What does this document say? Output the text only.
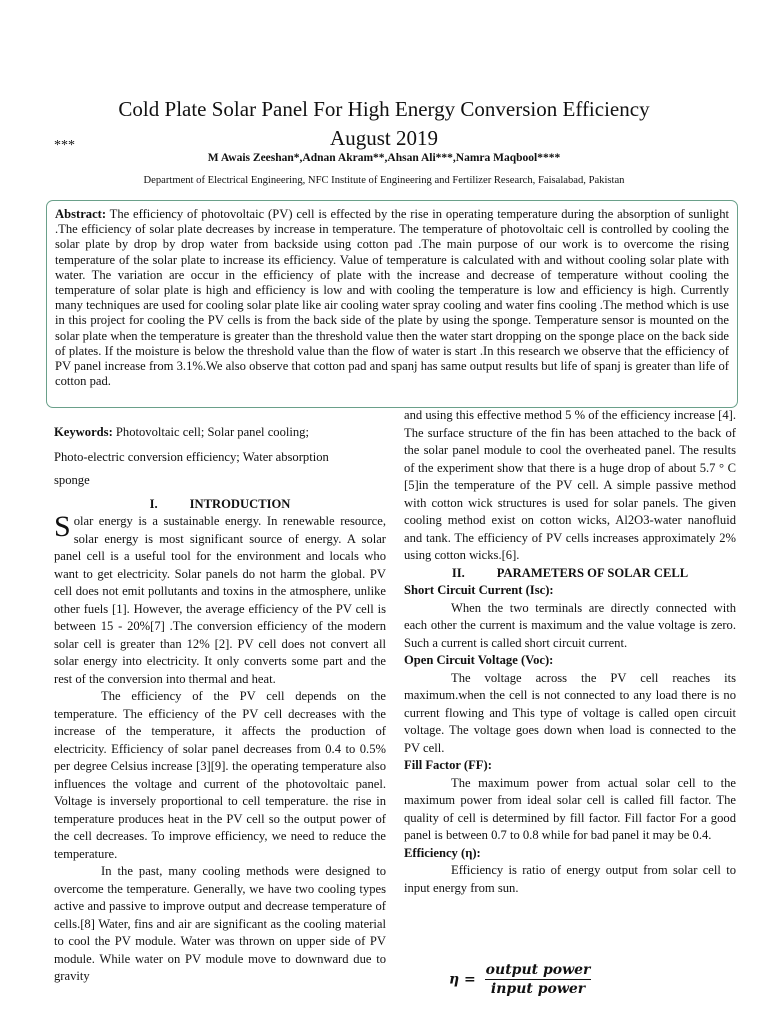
Cold Plate Solar Panel For High Energy Conversion Efficiency
August 2019
***
M Awais Zeeshan*,Adnan Akram**,Ahsan Ali***,Namra Maqbool****
Department of Electrical Engineering, NFC Institute of Engineering and Fertilizer Research, Faisalabad, Pakistan
Abstract: The efficiency of photovoltaic (PV) cell is effected by the rise in operating temperature during the absorption of sunlight .The efficiency of solar plate decreases by increase in temperature. The temperature of photovoltaic cell is controlled by cooling the solar plate by drop by drop water from backside using cotton pad .The main purpose of our work is to overcome the rising temperature of the solar plate to increase its efficiency. Value of temperature is calculated with and without cooling solar plate with water. The variation are occur in the efficiency of plate with the increase and decrease of temperature without cooling the temperature of solar plate is high and efficiency is low and with cooling the temperature is low and efficiency is high. Currently many techniques are used for cooling solar plate like air cooling water spray cooling and water fins cooling .The method which is use in this project for cooling the PV cells is from the back side of the plate by using the sponge. Temperature sensor is mounted on the solar plate when the temperature is greater than the threshold value then the water start dropping on the sponge place on the back side of plates. If the moisture is below the threshold value than the flow of water is start .In this research we observe that the efficiency of PV panel increase from 3.1%.We also observe that cotton pad and spanj has same output results but life of spanj is greater than life of cotton pad.

Keywords: Photovoltaic cell; Solar panel cooling;

Photo-electric conversion efficiency; Water absorption

sponge

I.	INTRODUCTION

Solar energy is a sustainable energy. In renewable resource, solar energy is most significant source of energy. A solar panel cell is a useful tool for the environment and locals who want to get electricity. Solar panels do not harm the global. PV cell does not emit pollutants and toxins in the atmosphere, unlike other fuels [1]. However, the average efficiency of the PV cell is between 15 - 20%[7] .The conversion efficiency of the modern solar cell is greater than 12% [2]. PV cell does not convert all solar energy into electricity. It only converts some part and the rest of the conversion into thermal and heat.

The efficiency of the PV cell depends on the temperature. The efficiency of the PV cell decreases with the increase of the temperature, it affects the production of electricity. Efficiency of solar panel decreases from 0.4 to 0.5% per degree Celsius increase [3][9]. the operating temperature also influences the voltage and current of the photovoltaic panel. Voltage is inversely proportional to cell temperature. the rise in temperature produces heat in the PV cell so the output power of the cell decreases. To improve efficiency, we need to reduce the temperature.

In the past, many cooling methods were designed to overcome the temperature. Generally, we have two cooling types active and passive to improve output and decrease temperature of cells.[8] Water, fins and air are significant as the cooling material to cool the PV module. Water was thrown on upper side of PV module. While water on PV module move to downward due to gravity

and using this effective method 5 % of the efficiency increase [4]. The surface structure of the fin has been attached to the back of the solar panel module to cool the overheated panel. The results of the experiment show that there is a huge drop of about 5.7 ° C [5]in the temperature of the PV cell. A simple passive method with cotton wick structures is used for solar panels. The given cooling method exist on cotton wicks, Al2O3-water nanofluid and tank. The efficiency of PV cells increases approximately 2% using cotton wicks.[6].

II.	PARAMETERS OF SOLAR CELL

Short Circuit Current (Isc):

When the two terminals are directly connected with each other the current is maximum and the value voltage is zero. Such a current is called short circuit current.

Open Circuit Voltage (Voc):

The voltage across the PV cell reaches its maximum.when the cell is not connected to any load there is no current flowing and This type of voltage is called open circuit voltage. The voltage goes down when load is connected to the PV cell.

Fill Factor (FF):

The maximum power from actual solar cell to the maximum power from ideal solar cell is called fill factor. The quality of cell is determined by fill factor. Fill factor For a good panel is between 0.7 to 0.8 while for bad panel it may be 0.4.

Efficiency (η):

Efficiency is ratio of energy output from solar cell to input energy from sun.

$\eta = \frac{\text{output power}}{\text{input power}}$
